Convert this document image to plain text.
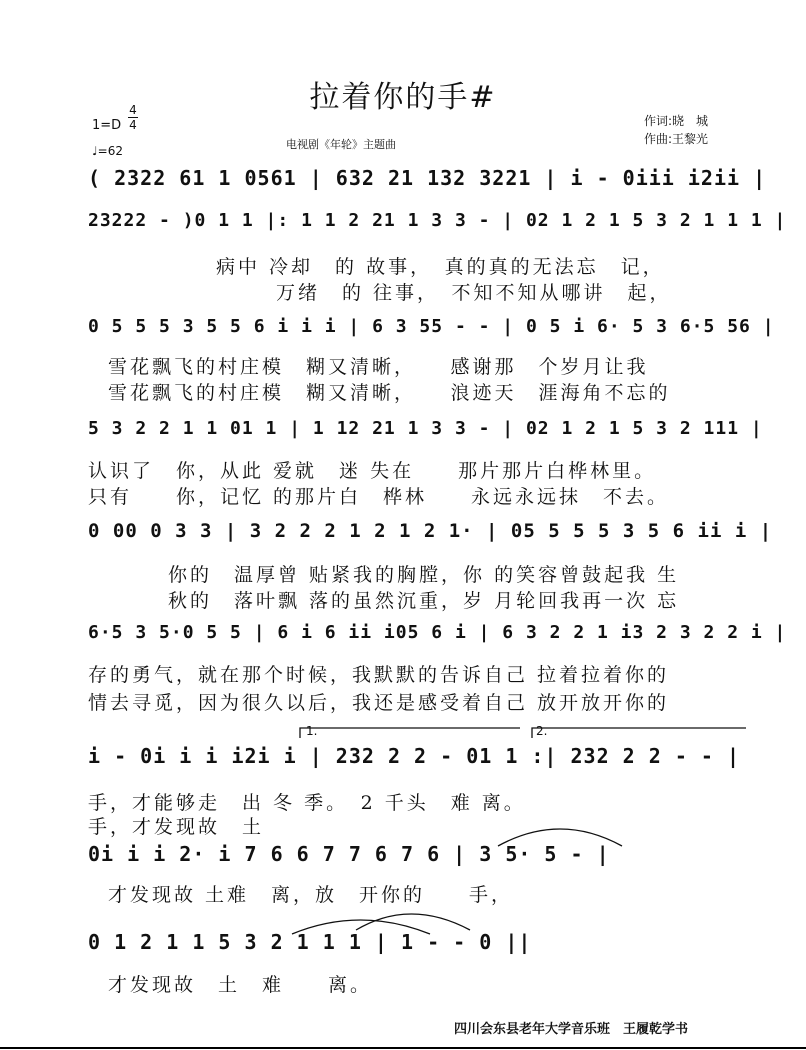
拉着你的手#
1=D
4
4
♩=62	电视剧《年轮》主题曲
作词:晓　城
作曲:王黎光
( 2322 61 1 0561 | 632 21 132 3221 | i - 0iii i2ii |
23222 - )0 1 1 |: 1 1 2 21 1 3 3 - | 02 1 2 1 5 3 2 1 1 1 |
病中 冷却　的 故事，　真的真的无法忘　记，
万绪　的 往事，　不知不知从哪讲　起，
0 5 5 5 3 5 5 6 i i i | 6 3 55 - - | 0 5 i 6· 5 3 6·5 56 |
雪花飘飞的村庄模　糊又清晰，　　感谢那　个岁月让我
雪花飘飞的村庄模　糊又清晰，　　浪迹天　涯海角不忘的
5 3 2 2 1 1 01 1 | 1 12 21 1 3 3 - | 02 1 2 1 5 3 2 111 |
认识了　你，从此 爱就　迷 失在　　那片那片白桦林里。
只有　　你，记忆 的那片白　桦林　　永远永远抹　不去。
0 00 0 3 3 | 3 2 2 2 1 2 1 2 1· | 05 5 5 5 3 5 6 ii i |
你的　温厚曾 贴紧我的胸膛，你 的笑容曾鼓起我 生
秋的　落叶飘 落的虽然沉重，岁 月轮回我再一次 忘
6·5 3 5·0 5 5 | 6 i 6 ii i05 6 i | 6 3 2 2 1 i3 2 3 2 2 i |
存的勇气，就在那个时候，我默默的告诉自己 拉着拉着你的
情去寻觅，因为很久以后，我还是感受着自己 放开放开你的
1.	2.
i - 0i i i i2i i | 232 2 2 - 01 1 :| 232 2 2 - - |
手，才能够走　出 冬 季。　2 千头　难 离。
手，才发现故　土
0i i i 2· i 7 6 6 7 7 6 7 6 | 3 5· 5 - |
才发现故 土难　离，放　开你的　　手，
0 1 2 1 1 5 3 2 1 1 1 | 1 - - 0 ||
才发现故　土　难　　离。
四川会东县老年大学音乐班　王履乾学书
